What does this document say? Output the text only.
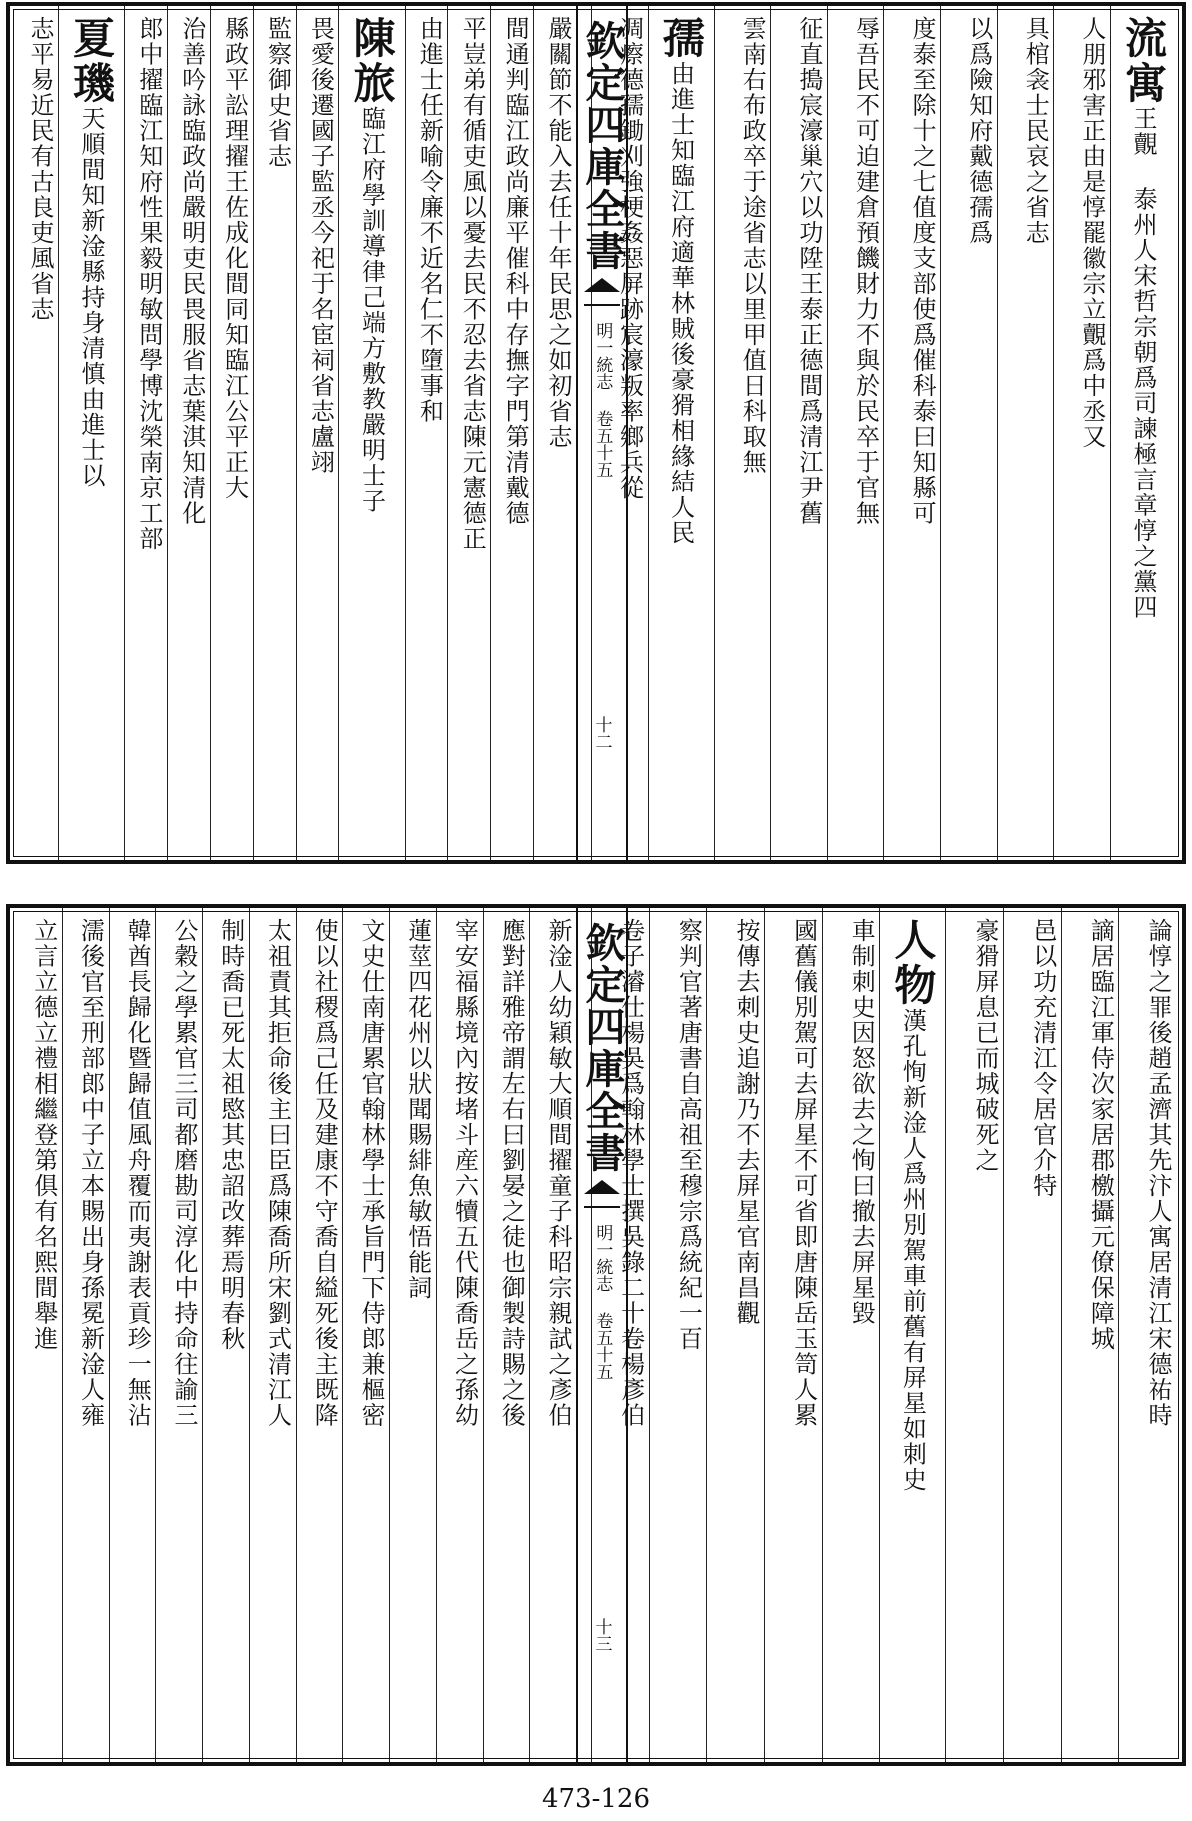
流寓王覿 泰州人宋哲宗朝爲司諫極言章惇之黨四
人朋邪害正由是惇罷徽宗立覿爲中丞又
具棺衾士民哀之省志
以爲險知府戴德孺爲
度泰至除十之七值度支部使爲催科泰曰知縣可
辱吾民不可迫建倉預饑財力不與於民卒于官無
征直搗宸濠巢穴以功陞王泰正德間爲清江尹舊
雲南右布政卒于途省志以里甲值日科取無
孺由進士知臨江府適華林賊後豪猾相緣結人民
凋瘵德孺鋤刈強梗姦惡屏跡宸濠叛率鄉兵從
欽定四庫全書
明一統志 卷五十五
十二
嚴關節不能入去任十年民思之如初省志
間通判臨江政尚廉平催科中存撫字門第清戴德
平豈弟有循吏風以憂去民不忍去省志陳元憲德正
由進士任新喻令廉不近名仁不墮事和
陳旅臨江府學訓導律己端方敷教嚴明士子
畏愛後遷國子監丞今祀于名宦祠省志盧翊
監察御史省志
縣政平訟理擢王佐成化間同知臨江公平正大
治善吟詠臨政尚嚴明吏民畏服省志葉淇知清化
郎中擢臨江知府性果毅明敏問學博沈榮南京工部
夏璣天順間知新淦縣持身清慎由進士以
志平易近民有古良吏風省志
論惇之罪後趙孟濟其先汴人寓居清江宋德祐時
謫居臨江軍侍次家居郡檄攝元僚保障城
邑以功充清江令居官介特
豪猾屏息已而城破死之
人物漢孔恂新淦人爲州別駕車前舊有屏星如刺史
車制刺史因怒欲去之恂曰撤去屏星毀
國舊儀別駕可去屏星不可省即唐陳岳玉笥人累
按傳去刺史追謝乃不去屏星官南昌觀
察判官著唐書自高祖至穆宗爲統紀一百
卷子濬仕楊吳爲翰林學士撰吳錄二十卷楊彥伯
欽定四庫全書
明一統志 卷五十五
十三
新淦人幼穎敏大順間擢童子科昭宗親試之彥伯
應對詳雅帝謂左右曰劉晏之徒也御製詩賜之後
宰安福縣境內按堵斗産六犢五代陳喬岳之孫幼
蓮莖四花州以狀聞賜緋魚敏悟能詞
文史仕南唐累官翰林學士承旨門下侍郎兼樞密
使以社稷爲己任及建康不守喬自縊死後主既降
太祖責其拒命後主曰臣爲陳喬所宋劉式清江人
制時喬已死太祖愍其忠詔改葬焉明春秋
公穀之學累官三司都磨勘司淳化中持命往諭三
韓酋長歸化暨歸值風舟覆而夷謝表貢珍一無沾
濡後官至刑部郎中子立本賜出身孫冕新淦人雍
立言立德立禮相繼登第俱有名熙間舉進
473-126
